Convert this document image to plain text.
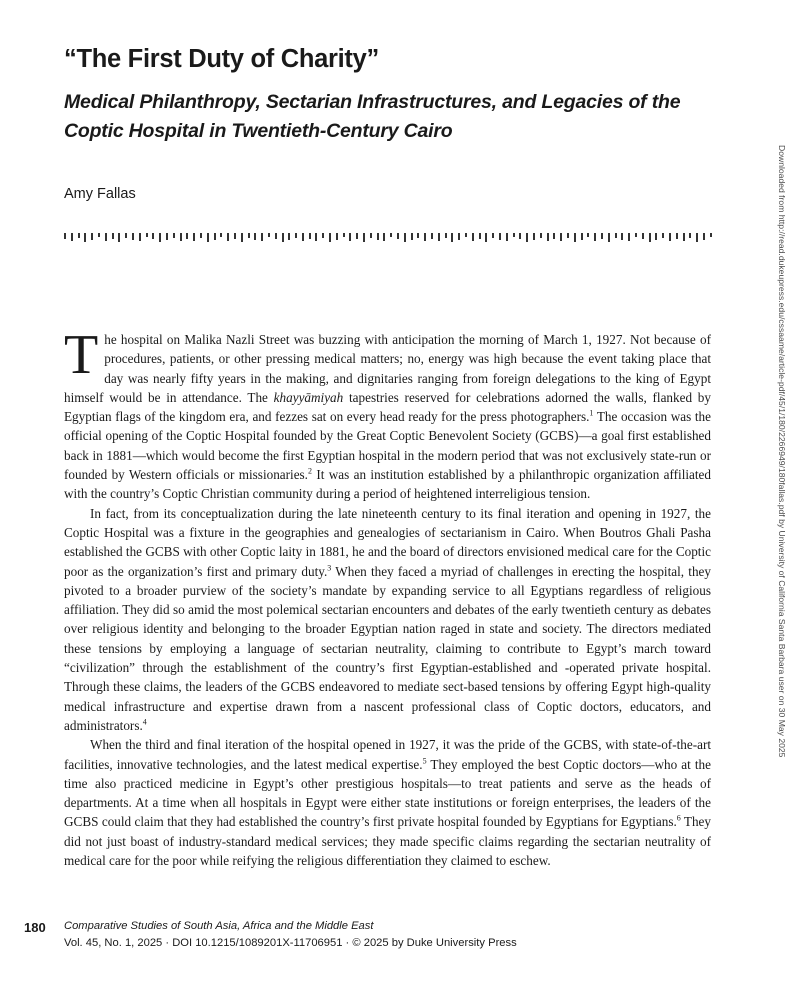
“The First Duty of Charity”
Medical Philanthropy, Sectarian Infrastructures, and Legacies of the Coptic Hospital in Twentieth-Century Cairo

Amy Fallas

The hospital on Malika Nazli Street was buzzing with anticipation the morning of March 1, 1927. Not because of procedures, patients, or other pressing medical matters; no, energy was high because the event taking place that day was nearly fifty years in the making, and dignitaries ranging from foreign delegations to the king of Egypt himself would be in attendance. The khayyāmiyah tapestries reserved for celebrations adorned the walls, flanked by Egyptian flags of the kingdom era, and fezzes sat on every head ready for the press photographers.$^1$ The occasion was the official opening of the Coptic Hospital founded by the Great Coptic Benevolent Society (GCBS)—a goal first established back in 1881—which would become the first Egyptian hospital in the modern period that was not exclusively state-run or founded by Western officials or missionaries.$^2$ It was an institution established by a philanthropic organization affiliated with the country’s Coptic Christian community during a period of heightened interreligious tension.

In fact, from its conceptualization during the late nineteenth century to its final iteration and opening in 1927, the Coptic Hospital was a fixture in the geographies and genealogies of sectarianism in Cairo. When Boutros Ghali Pasha established the GCBS with other Coptic laity in 1881, he and the board of directors envisioned medical care for the Coptic poor as the organization’s first and primary duty.$^3$ When they faced a myriad of challenges in erecting the hospital, they pivoted to a broader purview of the society’s mandate by expanding service to all Egyptians regardless of religious affiliation. They did so amid the most polemical sectarian encounters and debates of the early twentieth century as debates over religious identity and belonging to the broader Egyptian nation raged in state and society. The directors mediated these tensions by employing a language of sectarian neutrality, claiming to contribute to Egypt’s march toward “civilization” through the establishment of the country’s first Egyptian-established and -operated private hospital. Through these claims, the leaders of the GCBS endeavored to mediate sect-based tensions by offering Egypt high-quality medical infrastructure and expertise drawn from a nascent professional class of Coptic doctors, educators, and administrators.$^4$

When the third and final iteration of the hospital opened in 1927, it was the pride of the GCBS, with state-of-the-art facilities, innovative technologies, and the latest medical expertise.$^5$ They employed the best Coptic doctors—who at the time also practiced medicine in Egypt’s other prestigious hospitals—to treat patients and serve as the heads of departments. At a time when all hospitals in Egypt were either state institutions or foreign enterprises, the leaders of the GCBS could claim that they had established the country’s first private hospital founded by Egyptians for Egyptians.$^6$ They did not just boast of industry-standard medical services; they made specific claims regarding the sectarian neutrality of medical care for the poor while reifying the religious differentiation they claimed to eschew.

Downloaded from http://read.dukeupress.edu/cssaame/article-pdf/45/1/180/2266949/180fallas.pdf by University of California Santa Barbara user on 30 May 2025
180 Comparative Studies of South Asia, Africa and the Middle East
Vol. 45, No. 1, 2025 · DOI 10.1215/1089201X-11706951 · © 2025 by Duke University Press
